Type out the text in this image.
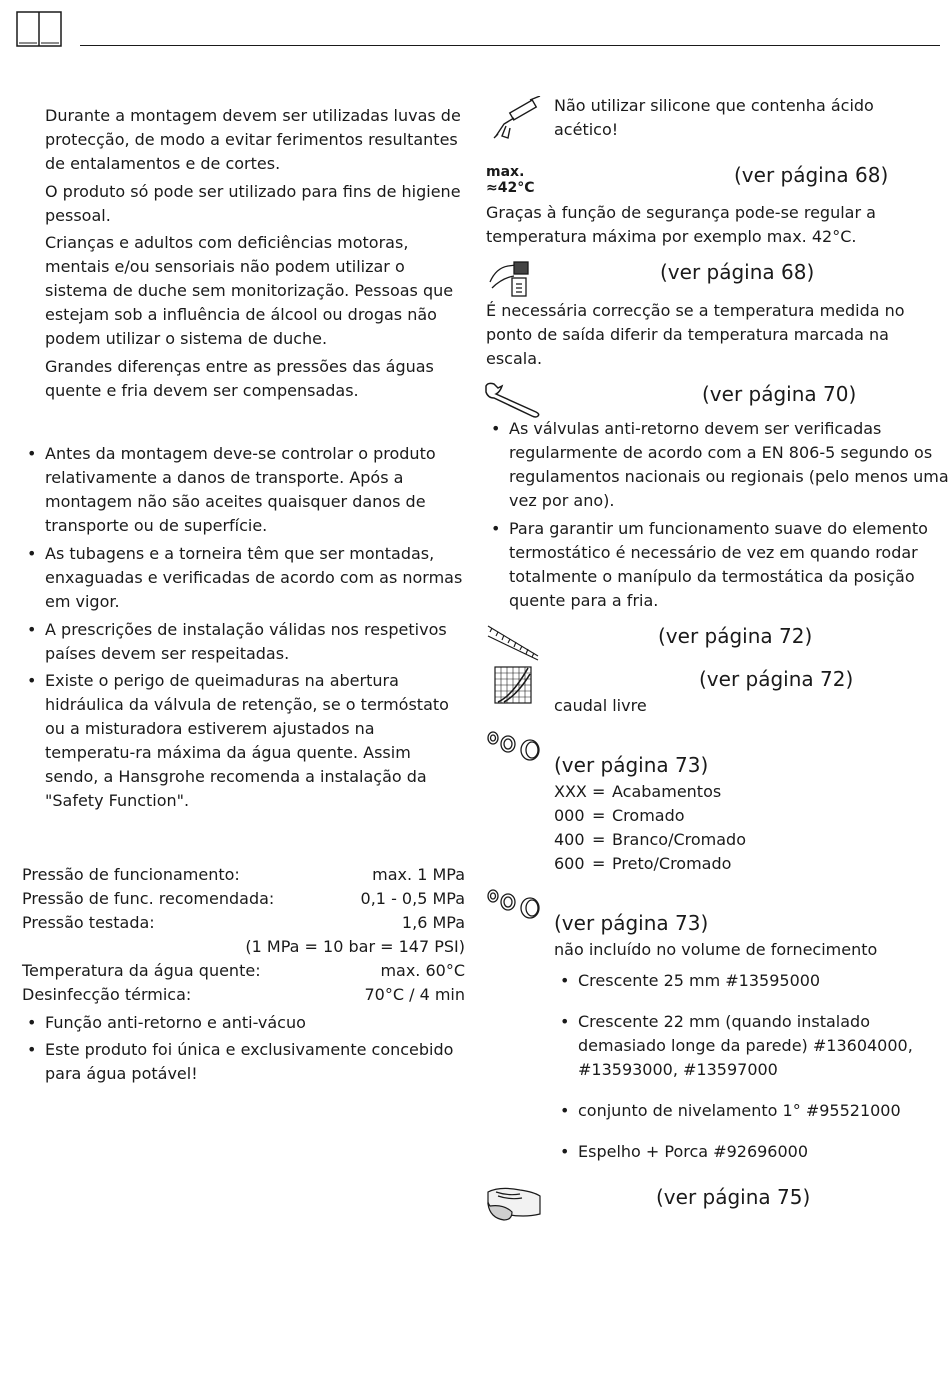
Durante a montagem devem ser utilizadas luvas de protecção, de modo a evitar ferimentos resultantes de entalamentos e de cortes.

O produto só pode ser utilizado para fins de higiene pessoal.

Crianças e adultos com deficiências motoras, mentais e/ou sensoriais não podem utilizar o sistema de duche sem monitorização. Pessoas que estejam sob a influência de álcool ou drogas não podem utilizar o sistema de duche.

Grandes diferenças entre as pressões das águas quente e fria devem ser compensadas.

• Antes da montagem deve-se controlar o produto relativamente a danos de transporte. Após a montagem não são aceites quaisquer danos de transporte ou de superfície.
• As tubagens e a torneira têm que ser montadas, enxaguadas e verificadas de acordo com as normas em vigor.
• A prescrições de instalação válidas nos respetivos países devem ser respeitadas.
• Existe o perigo de queimaduras na abertura hidráulica da válvula de retenção, se o termóstato ou a misturadora estiverem ajustados na temperatu-ra máxima da água quente. Assim sendo, a Hansgrohe recomenda a instalação da "Safety Function".
Pressão de funcionamento:	max. 1 MPa
Pressão de func. recomendada:	0,1 - 0,5 MPa
Pressão testada:	1,6 MPa
(1 MPa = 10 bar = 147 PSI)
Temperatura da água quente:	max. 60°C
Desinfecção térmica:	70°C / 4 min
• Função anti-retorno e anti-vácuo
• Este produto foi única e exclusivamente concebido para água potável!

Não utilizar silicone que contenha ácido acético!

max.
≈42°C
(ver página 68)

Graças à função de segurança pode-se regular a temperatura máxima por exemplo max. 42°C.

(ver página 68)

É necessária correcção se a temperatura medida no ponto de saída diferir da temperatura marcada na escala.

(ver página 70)
• As válvulas anti-retorno devem ser verificadas regularmente de acordo com a EN 806-5 segundo os regulamentos nacionais ou regionais (pelo menos uma vez por ano).
• Para garantir um funcionamento suave do elemento termostático é necessário de vez em quando rodar totalmente o manípulo da termostática da posição quente para a fria.
(ver página 72)
(ver página 72)

caudal livre

(ver página 73)
XXX = Acabamentos
000 = Cromado
400 = Branco/Cromado
600 = Preto/Cromado
(ver página 73)

não incluído no volume de fornecimento

• Crescente 25 mm #13595000
• Crescente 22 mm (quando instalado demasiado longe da parede) #13604000, #13593000, #13597000
• conjunto de nivelamento 1° #95521000
• Espelho + Porca #92696000
(ver página 75)
